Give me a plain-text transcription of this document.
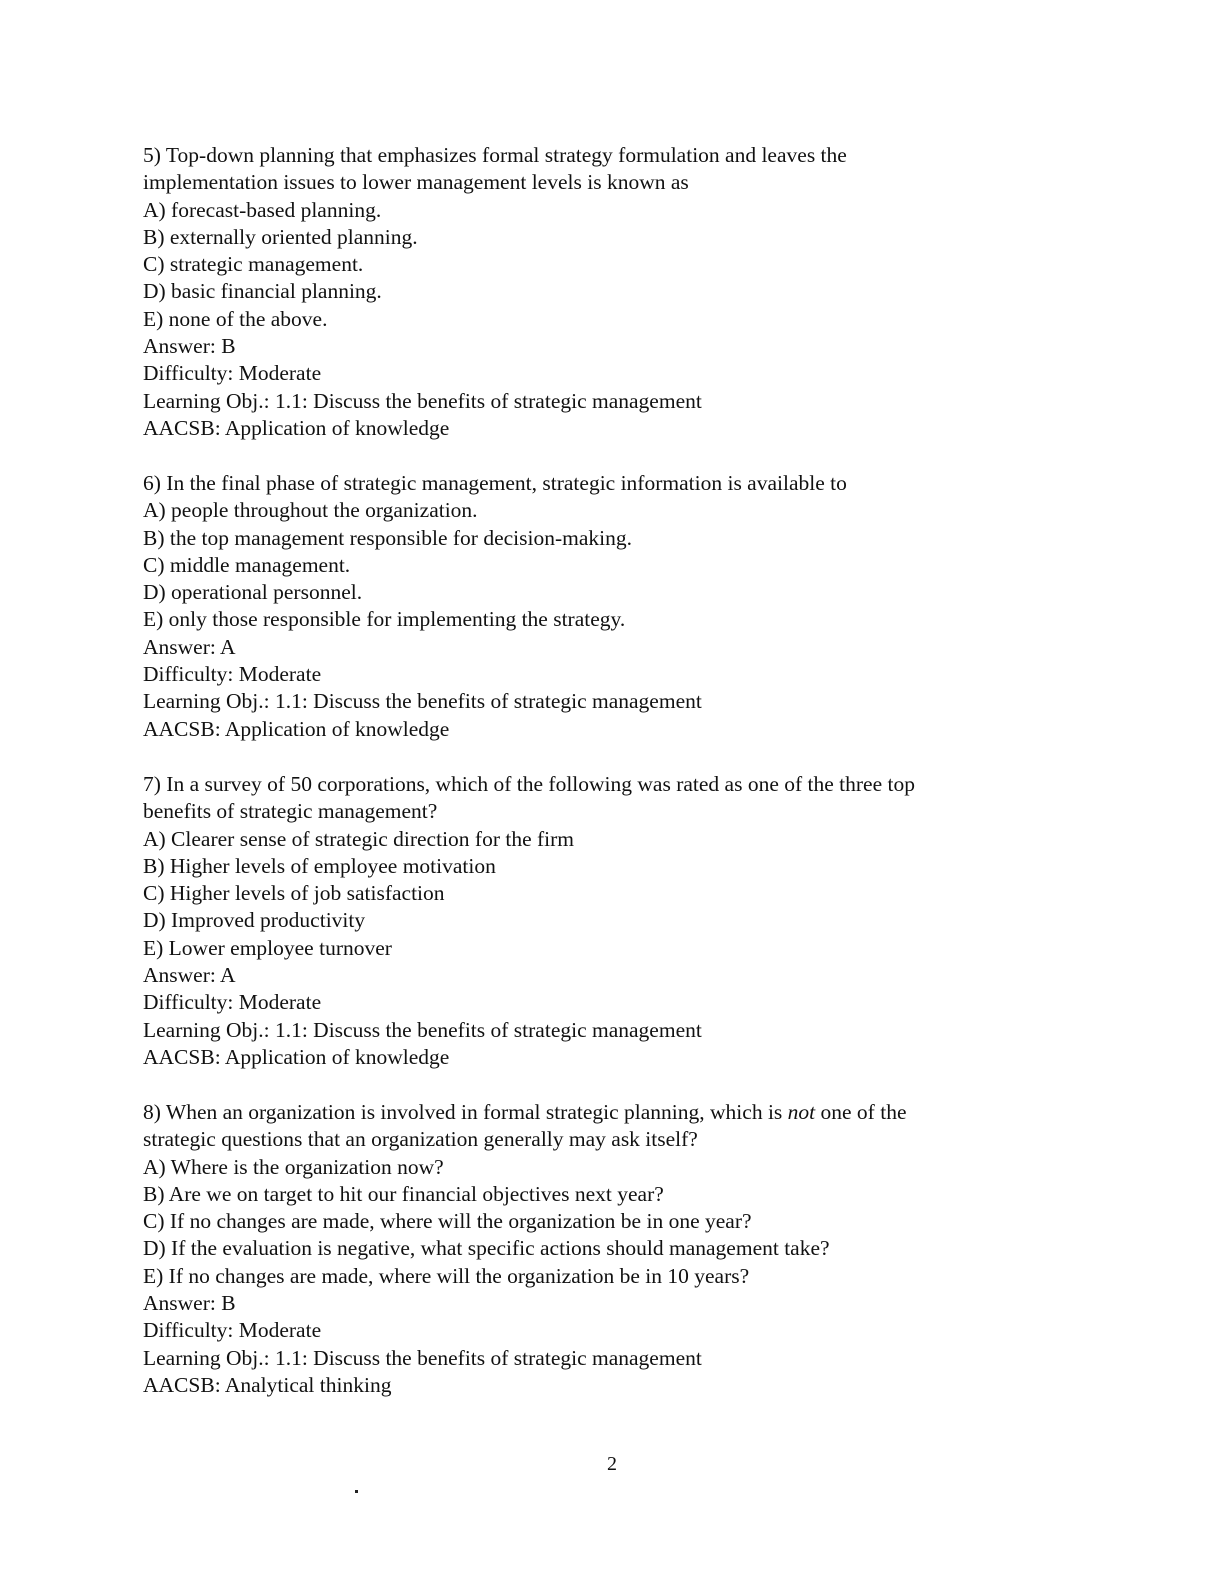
5) Top-down planning that emphasizes formal strategy formulation and leaves the
implementation issues to lower management levels is known as
A) forecast-based planning.
B) externally oriented planning.
C) strategic management.
D) basic financial planning.
E) none of the above.
Answer: B
Difficulty: Moderate
Learning Obj.: 1.1: Discuss the benefits of strategic management
AACSB: Application of knowledge
6) In the final phase of strategic management, strategic information is available to
A) people throughout the organization.
B) the top management responsible for decision-making.
C) middle management.
D) operational personnel.
E) only those responsible for implementing the strategy.
Answer: A
Difficulty: Moderate
Learning Obj.: 1.1: Discuss the benefits of strategic management
AACSB: Application of knowledge
7) In a survey of 50 corporations, which of the following was rated as one of the three top
benefits of strategic management?
A) Clearer sense of strategic direction for the firm
B) Higher levels of employee motivation
C) Higher levels of job satisfaction
D) Improved productivity
E) Lower employee turnover
Answer: A
Difficulty: Moderate
Learning Obj.: 1.1: Discuss the benefits of strategic management
AACSB: Application of knowledge
8) When an organization is involved in formal strategic planning, which is not one of the
strategic questions that an organization generally may ask itself?
A) Where is the organization now?
B) Are we on target to hit our financial objectives next year?
C) If no changes are made, where will the organization be in one year?
D) If the evaluation is negative, what specific actions should management take?
E) If no changes are made, where will the organization be in 10 years?
Answer: B
Difficulty: Moderate
Learning Obj.: 1.1: Discuss the benefits of strategic management
AACSB: Analytical thinking
2
